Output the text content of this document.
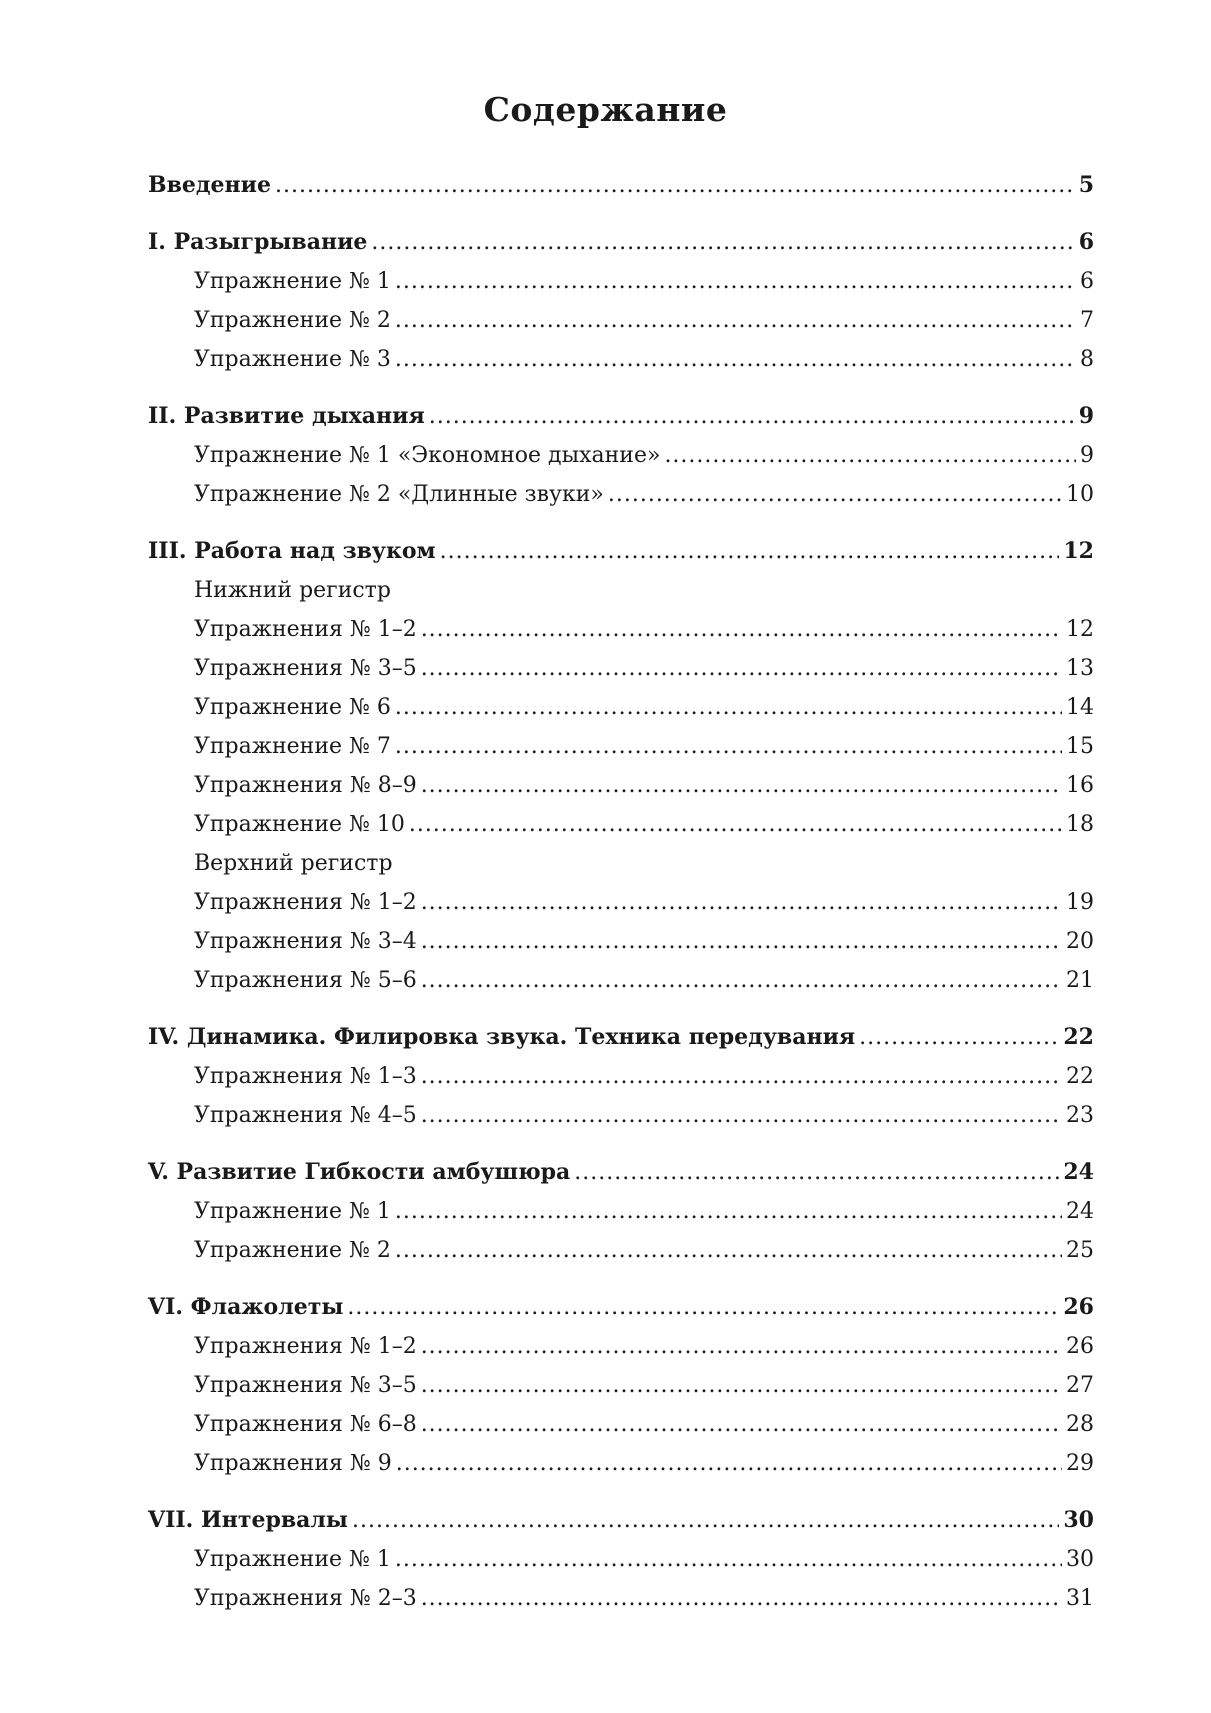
Содержание
Введение .....	5
I. Разыгрывание .....	6
Упражнение № 1 .....	6
Упражнение № 2 .....	7
Упражнение № 3 .....	8
II. Развитие дыхания .....	9
Упражнение № 1 «Экономное дыхание» .....	9
Упражнение № 2 «Длинные звуки» .....	10
III. Работа над звуком .....	12
Нижний регистр
Упражнения № 1–2 .....	12
Упражнения № 3–5 .....	13
Упражнение № 6 .....	14
Упражнение № 7 .....	15
Упражнения № 8–9 .....	16
Упражнение № 10 .....	18
Верхний регистр
Упражнения № 1–2 .....	19
Упражнения № 3–4 .....	20
Упражнения № 5–6 .....	21
IV. Динамика. Филировка звука. Техника передувания .....	22
Упражнения № 1–3 .....	22
Упражнения № 4–5 .....	23
V. Развитие Гибкости амбушюра .....	24
Упражнение № 1 .....	24
Упражнение № 2 .....	25
VI. Флажолеты .....	26
Упражнения № 1–2 .....	26
Упражнения № 3–5 .....	27
Упражнения № 6–8 .....	28
Упражнения № 9 .....	29
VII. Интервалы .....	30
Упражнение № 1 .....	30
Упражнения № 2–3 .....	31
